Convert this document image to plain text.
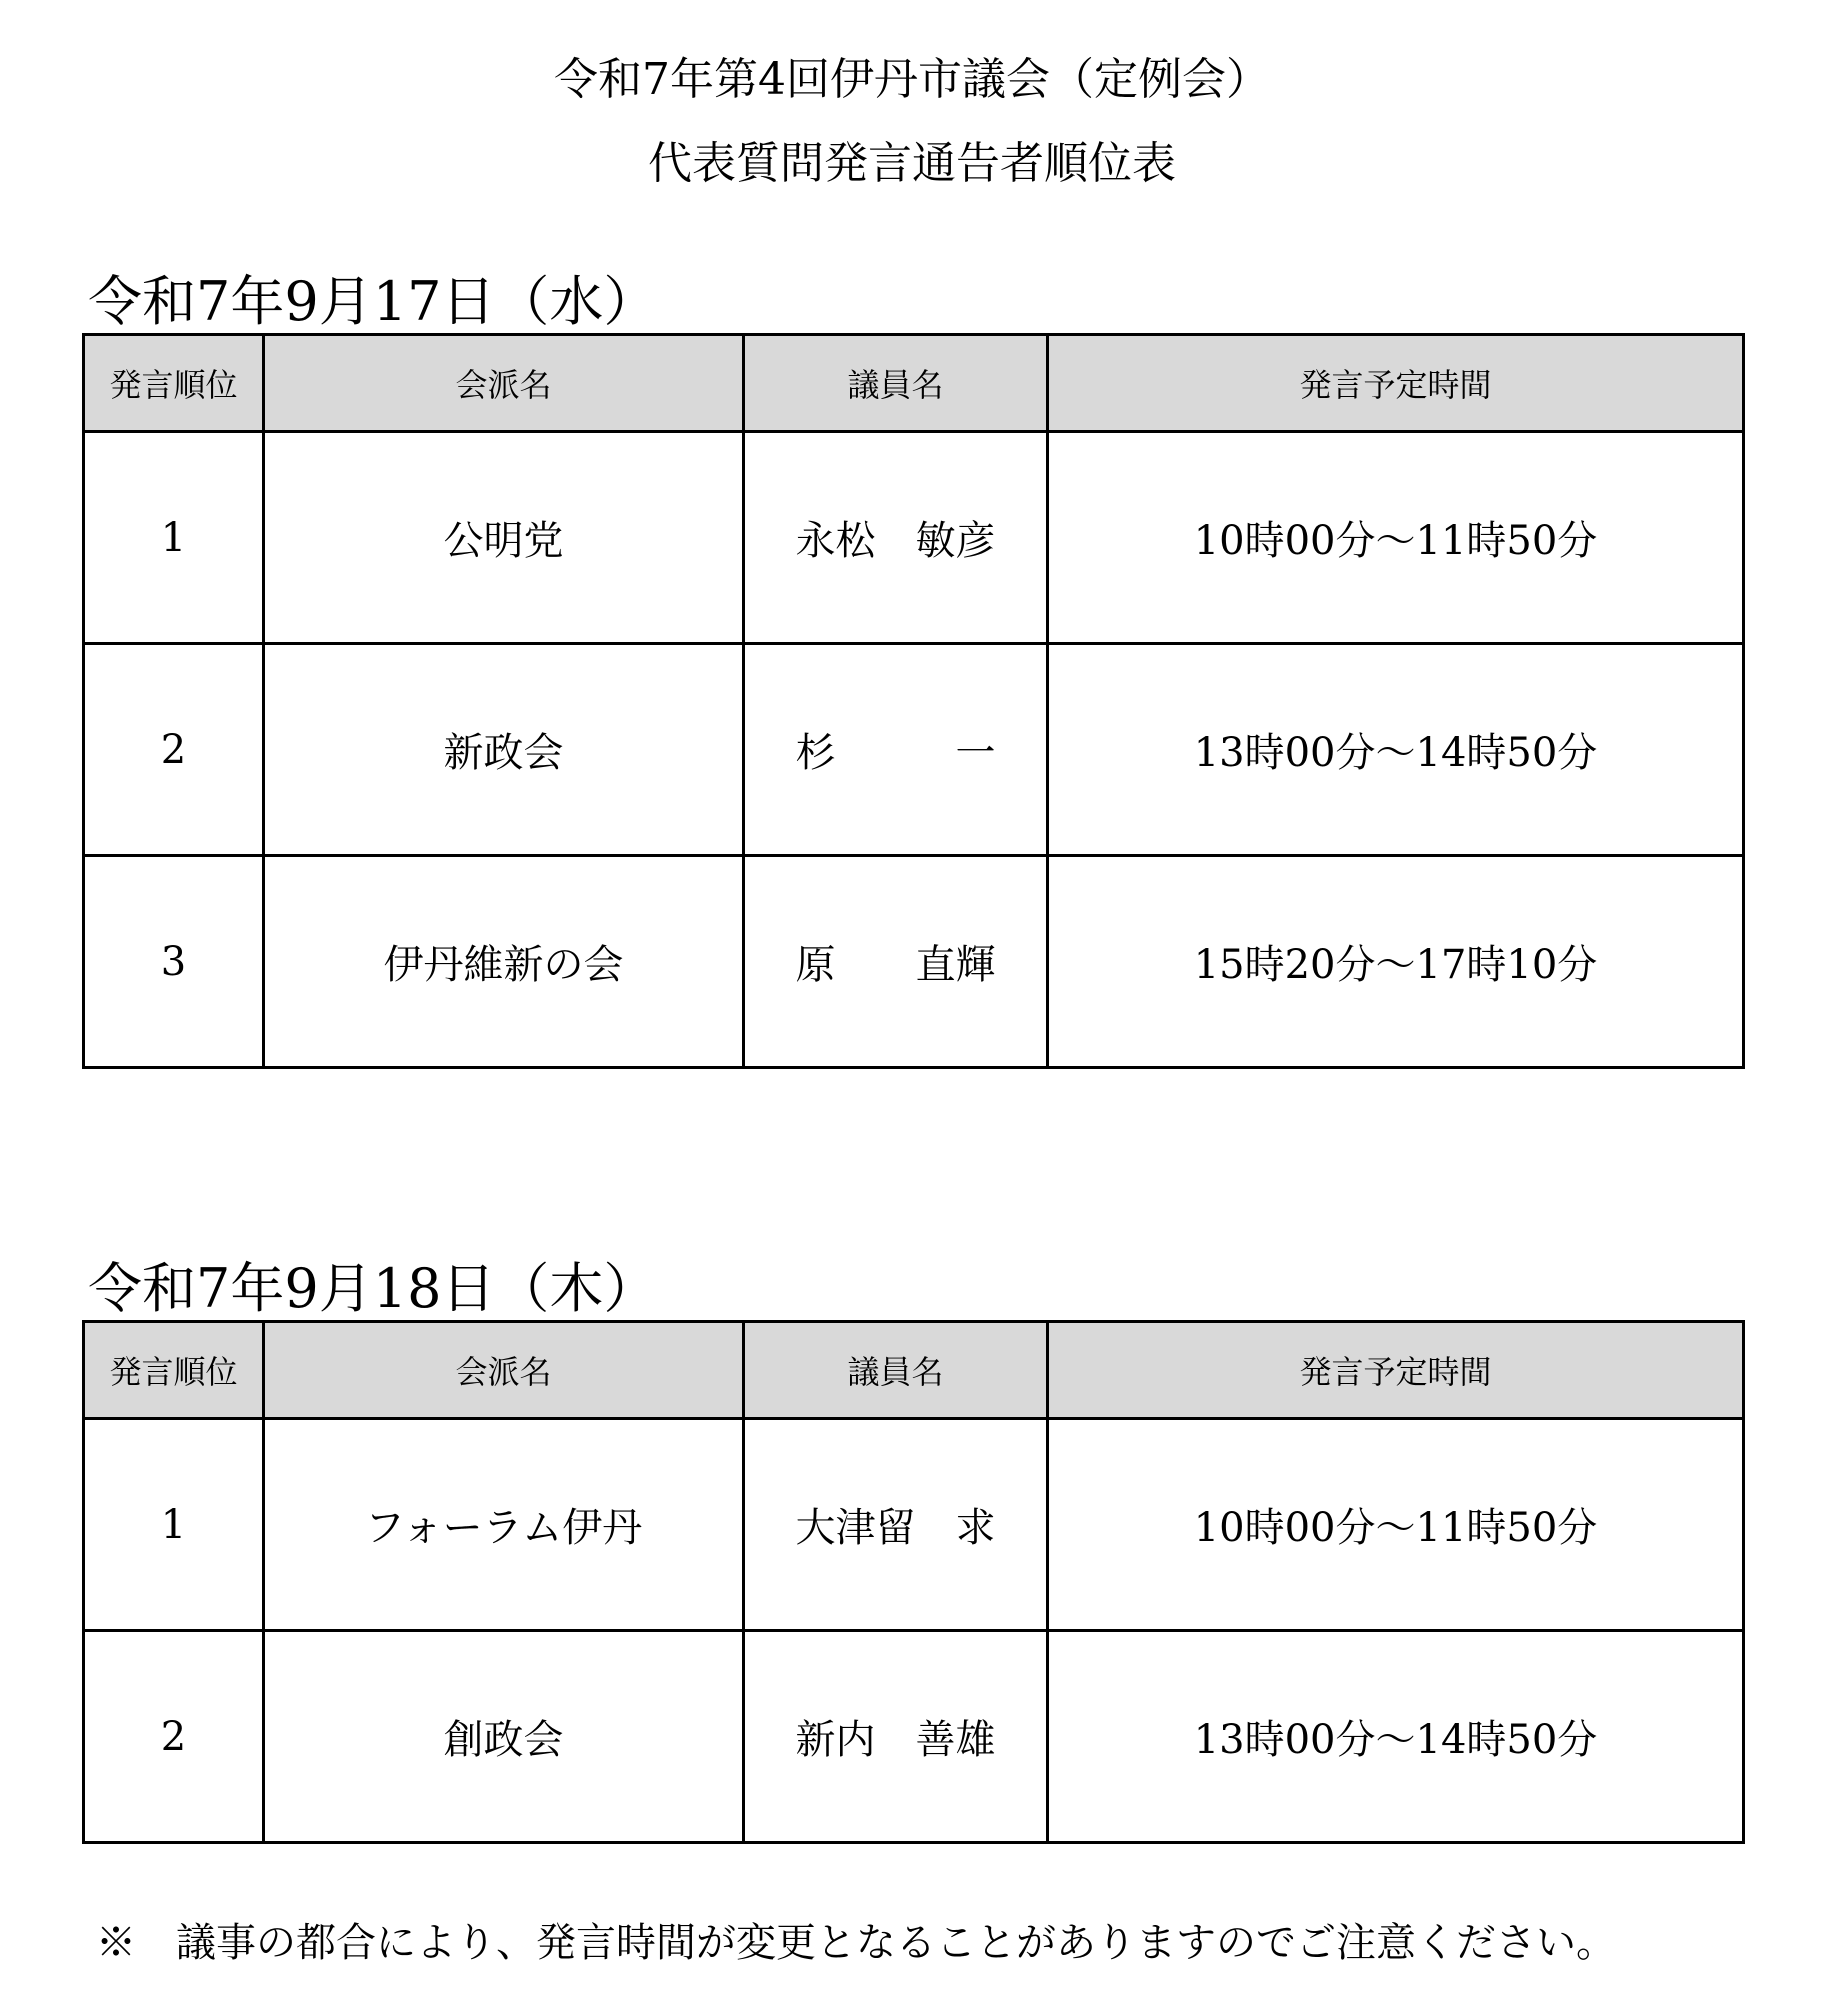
令和7年第4回伊丹市議会（定例会）
代表質問発言通告者順位表
令和7年9月17日（水）
発言順位	会派名	議員名	発言予定時間
1	公明党	永松　敏彦	10時00分～11時50分
2	新政会	杉　　　一	13時00分～14時50分
3	伊丹維新の会	原　　直輝	15時20分～17時10分
令和7年9月18日（木）
発言順位	会派名	議員名	発言予定時間
1	フォーラム伊丹	大津留　求	10時00分～11時50分
2	創政会	新内　善雄	13時00分～14時50分
※　議事の都合により、発言時間が変更となることがありますのでご注意ください。
